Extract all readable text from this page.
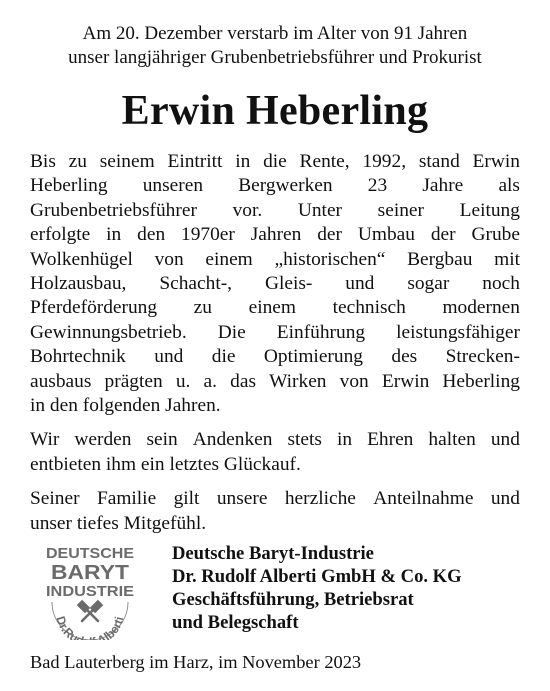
Am 20. Dezember verstarb im Alter von 91 Jahren
unser langjähriger Grubenbetriebsführer und Prokurist
Erwin Heberling
Bis zu seinem Eintritt in die Rente, 1992, stand Erwin
Heberling unseren Bergwerken 23 Jahre als
Grubenbetriebsführer vor. Unter seiner Leitung
erfolgte in den 1970er Jahren der Umbau der Grube
Wolkenhügel von einem „historischen“ Bergbau mit
Holzausbau, Schacht-, Gleis- und sogar noch
Pferdeförderung zu einem technisch modernen
Gewinnungsbetrieb. Die Einführung leistungsfähiger
Bohrtechnik und die Optimierung des Strecken-
ausbaus prägten u. a. das Wirken von Erwin Heberling
in den folgenden Jahren.
Wir werden sein Andenken stets in Ehren halten und
entbieten ihm ein letztes Glückauf.
Seiner Familie gilt unsere herzliche Anteilnahme und
unser tiefes Mitgefühl.
DEUTSCHE
BARYT
INDUSTRIE
Dr.Ru Alberti
Deutsche Baryt-Industrie
Dr. Rudolf Alberti GmbH & Co. KG
Geschäftsführung, Betriebsrat
und Belegschaft
Bad Lauterberg im Harz, im November 2023
